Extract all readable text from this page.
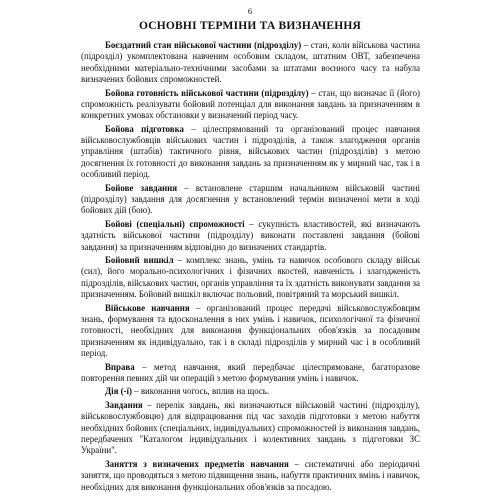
6
ОСНОВНІ ТЕРМІНИ ТА ВИЗНАЧЕННЯ

Боєздатний стан військової частини (підрозділу) – стан, коли військова частина (підрозділ) укомплектована навченим особовим складом, штатним ОВТ, забезпечена необхідними матеріально-технічними засобами за штатами воєнного часу та набула визначених бойових спроможностей.

Бойова готовність військової частини (підрозділу) – стан, що визначає її (його) спроможність реалізувати бойовий потенціал для виконання завдань за призначенням в конкретних умовах обстановки у визначений період часу.

Бойова підготовка – цілеспрямований та організований процес навчання військовослужбовців військових частин і підрозділів, а також злагодження органів управління (штабів) тактичного рівня, військових частин (підрозділів) з метою досягнення їх готовності до виконання завдань за призначенням як у мирний час, так і в особливий період.

Бойове завдання – встановлене старшим начальником військовій частині (підрозділу) завдання для досягнення у встановлений термін визначеної мети в ході бойових дій (бою).

Бойові (спеціальні) спроможності – сукупність властивостей, які визначають здатність військової частини (підрозділу) виконати поставлені завдання (бойові завдання) за призначенням відповідно до визначених стандартів.

Бойовий вишкіл – комплекс знань, умінь та навичок особового складу військ (сил), його морально-психологічних і фізичних якостей, навченість і злагодженість підрозділів, військових частин, органів управління та їх здатність виконувати завдання за призначенням. Бойовий вишкіл включає польовий, повітряний та морський вишкіл.

Військове навчання – організований процес передачі військовослужбовцям знань, формування та вдосконалення в них умінь і навичок, психологічної та фізичної готовності, необхідних для виконання функціональних обов'язків за посадовим призначенням як індивідуально, так і в складі підрозділів у мирний час і в особливий період.

Вправа – метод навчання, який передбачає цілеспрямоване, багаторазове повторення певних дій чи операцій з метою формування умінь і навичок.

Дія (-ї) – виконання чогось, вплив на щось.

Завдання – перелік завдань, які визначаються військовій частині (підрозділу), військовослужбовцю) для відпрацювання під час заходів підготовки з метою набуття необхідних бойових (спеціальних, індивідуальних) спроможностей із виконання завдань, передбачених "Каталогом індивідуальних і колективних завдань з підготовки ЗС України".

Заняття з визначених предметів навчання – систематичні або періодичні заняття, що проводяться з метою підвищення знань, набуття практичних вмінь і навичок, необхідних для виконання функціональних обов'язків за посадою.
